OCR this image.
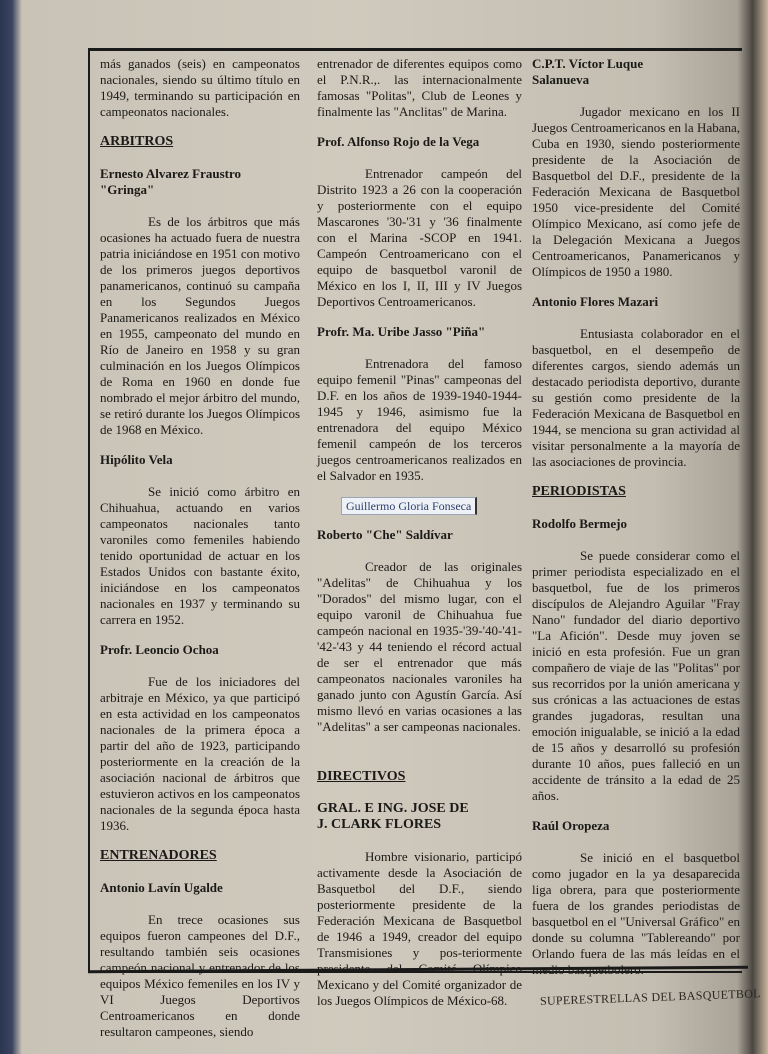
más ganados (seis) en campeonatos nacionales, siendo su último título en 1949, terminando su participación en campeonatos nacionales.
ARBITROS
Ernesto Alvarez Fraustro
"Gringa"
Es de los árbitros que más ocasiones ha actuado fuera de nuestra patria iniciándose en 1951 con motivo de los primeros juegos deportivos panamericanos, continuó su campaña en los Segundos Juegos Panamericanos realizados en México en 1955, campeonato del mundo en Río de Janeiro en 1958 y su gran culminación en los Juegos Olímpicos de Roma en 1960 en donde fue nombrado el mejor árbitro del mundo, se retiró durante los Juegos Olímpicos de 1968 en México.
Hipólito Vela
Se inició como árbitro en Chihuahua, actuando en varios campeonatos nacionales tanto varoniles como femeniles habiendo tenido oportunidad de actuar en los Estados Unidos con bastante éxito, iniciándose en los campeonatos nacionales en 1937 y terminando su carrera en 1952.
Profr. Leoncio Ochoa
Fue de los iniciadores del arbitraje en México, ya que participó en esta actividad en los campeonatos nacionales de la primera época a partir del año de 1923, participando posteriormente en la creación de la asociación nacional de árbitros que estuvieron activos en los campeonatos nacionales de la segunda época hasta 1936.
ENTRENADORES
Antonio Lavín Ugalde
En trece ocasiones sus equipos fueron campeones del D.F., resultando también seis ocasiones campeón nacional y entrenador de los equipos México femeniles en los IV y VI Juegos Deportivos Centroamericanos en donde resultaron campeones, siendo
entrenador de diferentes equipos como el P.N.R.,. las internacionalmente famosas "Politas", Club de Leones y finalmente las "Anclitas" de Marina.
Prof. Alfonso Rojo de la Vega
Entrenador campeón del Distrito 1923 a 26 con la cooperación y posteriormente con el equipo Mascarones '30-'31 y '36 finalmente con el Marina -SCOP en 1941. Campeón Centroamericano con el equipo de basquetbol varonil de México en los I, II, III y IV Juegos Deportivos Centroamericanos.
Profr. Ma. Uribe Jasso "Piña"
Entrenadora del famoso equipo femenil "Pinas" campeonas del D.F. en los años de 1939-1940-1944-1945 y 1946, asimismo fue la entrenadora del equipo México femenil campeón de los terceros juegos centroamericanos realizados en el Salvador en 1935.
Guillermo Gloria Fonseca
Roberto "Che" Saldívar
Creador de las originales "Adelitas" de Chihuahua y los "Dorados" del mismo lugar, con el equipo varonil de Chihuahua fue campeón nacional en 1935-'39-'40-'41-'42-'43 y 44 teniendo el récord actual de ser el entrenador que más campeonatos nacionales varoniles ha ganado junto con Agustín García. Así mismo llevó en varias ocasiones a las "Adelitas" a ser campeonas nacionales.
DIRECTIVOS
GRAL. E ING. JOSE DE
J. CLARK FLORES
Hombre visionario, participó activamente desde la Asociación de Basquetbol del D.F., siendo posteriormente presidente de la Federación Mexicana de Basquetbol de 1946 a 1949, creador del equipo Transmisiones y pos-teriormente presidente del Comité Olímpico Mexicano y del Comité organizador de los Juegos Olímpicos de México-68.
C.P.T. Víctor Luque
Salanueva
Jugador mexicano en los II Juegos Centroamericanos en la Habana, Cuba en 1930, siendo posteriormente presidente de la Asociación de Basquetbol del D.F., presidente de la Federación Mexicana de Basquetbol 1950 vice-presidente del Comité Olímpico Mexicano, así como jefe de la Delegación Mexicana a Juegos Centroamericanos, Panamericanos y Olímpicos de 1950 a 1980.
Antonio Flores Mazari
Entusiasta colaborador en el basquetbol, en el desempeño de diferentes cargos, siendo además un destacado periodista deportivo, durante su gestión como presidente de la Federación Mexicana de Basquetbol en 1944, se menciona su gran actividad al visitar personalmente a la mayoría de las asociaciones de provincia.
PERIODISTAS
Rodolfo Bermejo
Se puede considerar como el primer periodista especializado en el basquetbol, fue de los primeros discípulos de Alejandro Aguilar "Fray Nano" fundador del diario deportivo "La Afición". Desde muy joven se inició en esta profesión. Fue un gran compañero de viaje de las "Politas" por sus recorridos por la unión americana y sus crónicas a las actuaciones de estas grandes jugadoras, resultan una emoción inigualable, se inició a la edad de 15 años y desarrolló su profesión durante 10 años, pues falleció en un accidente de tránsito a la edad de 25 años.
Raúl Oropeza
Se inició en el basquetbol como jugador en la ya desaparecida liga obrera, para que posteriormente fuera de los grandes periodistas de basquetbol en el "Universal Gráfico" en donde su columna "Tablereando" por Orlando fuera de las más leídas en el medio basquetbolero.
SUPERESTRELLAS DEL BASQUETBOL
